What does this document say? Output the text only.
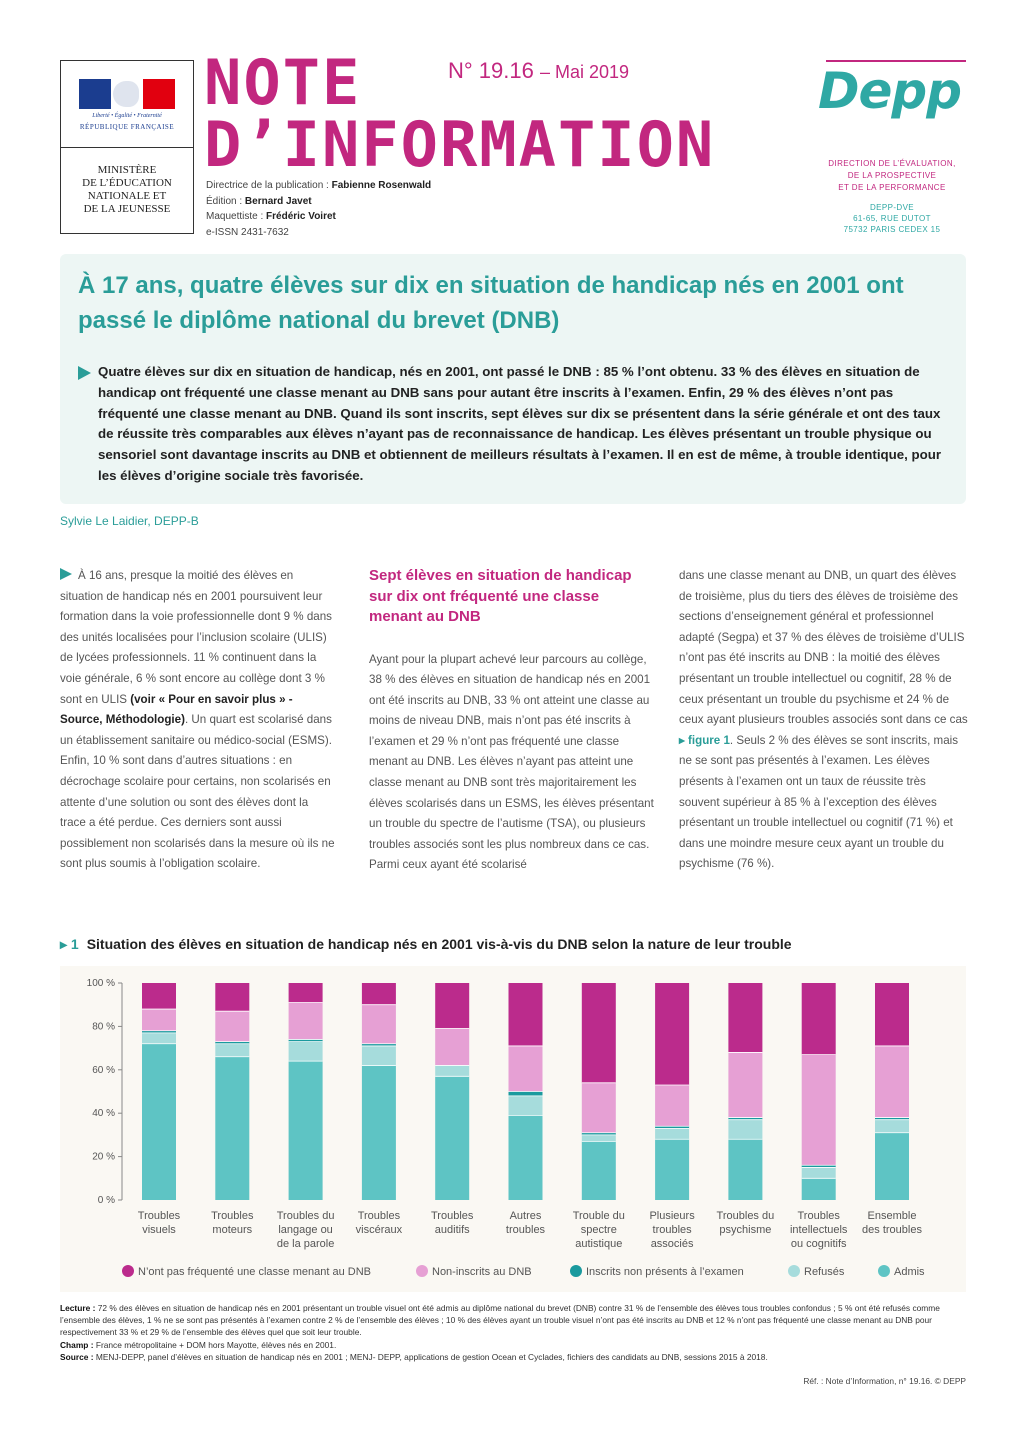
Liberté • Égalité • Fraternité
RÉPUBLIQUE FRANÇAISE
MINISTÈRE
DE L’ÉDUCATION
NATIONALE ET
DE LA JEUNESSE
NOTE
D’INFORMATION
N° 19.16 – Mai 2019
Directrice de la publication : Fabienne Rosenwald
Édition : Bernard Javet
Maquettiste : Frédéric Voiret
e-ISSN 2431-7632
Depp
DIRECTION DE L’ÉVALUATION,
DE LA PROSPECTIVE
ET DE LA PERFORMANCE
DEPP-DVE
61-65, RUE DUTOT
75732 PARIS CEDEX 15
À 17 ans, quatre élèves sur dix en situation de handicap nés en 2001 ont passé le diplôme national du brevet (DNB)
Quatre élèves sur dix en situation de handicap, nés en 2001, ont passé le DNB : 85 % l’ont obtenu. 33 % des élèves en situation de handicap ont fréquenté une classe menant au DNB sans pour autant être inscrits à l’examen. Enfin, 29 % des élèves n’ont pas fréquenté une classe menant au DNB. Quand ils sont inscrits, sept élèves sur dix se présentent dans la série générale et ont des taux de réussite très comparables aux élèves n’ayant pas de reconnaissance de handicap. Les élèves présentant un trouble physique ou sensoriel sont davantage inscrits au DNB et obtiennent de meilleurs résultats à l’examen. Il en est de même, à trouble identique, pour les élèves d’origine sociale très favorisée.
Sylvie Le Laidier, DEPP-B
À 16 ans, presque la moitié des élèves en situation de handicap nés en 2001 poursuivent leur formation dans la voie professionnelle dont 9 % dans des unités localisées pour l’inclusion scolaire (ULIS) de lycées professionnels. 11 % continuent dans la voie générale, 6 % sont encore au collège dont 3 % sont en ULIS (voir « Pour en savoir plus » - Source, Méthodologie). Un quart est scolarisé dans un établissement sanitaire ou médico-social (ESMS). Enfin, 10 % sont dans d’autres situations : en décrochage scolaire pour certains, non scolarisés en attente d’une solution ou sont des élèves dont la trace a été perdue. Ces derniers sont aussi possiblement non scolarisés dans la mesure où ils ne sont plus soumis à l’obligation scolaire.
Sept élèves en situation de handicap sur dix ont fréquenté une classe menant au DNB
Ayant pour la plupart achevé leur parcours au collège, 38 % des élèves en situation de handicap nés en 2001 ont été inscrits au DNB, 33 % ont atteint une classe au moins de niveau DNB, mais n’ont pas été inscrits à l’examen et 29 % n’ont pas fréquenté une classe menant au DNB. Les élèves n’ayant pas atteint une classe menant au DNB sont très majoritairement les élèves scolarisés dans un ESMS, les élèves présentant un trouble du spectre de l’autisme (TSA), ou plusieurs troubles associés sont les plus nombreux dans ce cas. Parmi ceux ayant été scolarisé
dans une classe menant au DNB, un quart des élèves de troisième, plus du tiers des élèves de troisième des sections d’enseignement général et professionnel adapté (Segpa) et 37 % des élèves de troisième d’ULIS n’ont pas été inscrits au DNB : la moitié des élèves présentant un trouble intellectuel ou cognitif, 28 % de ceux présentant un trouble du psychisme et 24 % de ceux ayant plusieurs troubles associés sont dans ce cas ▸ figure 1. Seuls 2 % des élèves se sont inscrits, mais ne se sont pas présentés à l’examen. Les élèves présents à l’examen ont un taux de réussite très souvent supérieur à 85 % à l’exception des élèves présentant un trouble intellectuel ou cognitif (71 %) et dans une moindre mesure ceux ayant un trouble du psychisme (76 %).
▸ 1 Situation des élèves en situation de handicap nés en 2001 vis-à-vis du DNB selon la nature de leur trouble
0 %
20 %
40 %
60 %
80 %
100 %
Troubles
visuels
Troubles
moteurs
Troubles du
langage ou
de la parole
Troubles
viscéraux
Troubles
auditifs
Autres
troubles
Trouble du
spectre
autistique
Plusieurs
troubles
associés
Troubles du
psychisme
Troubles
intellectuels
ou cognitifs
Ensemble
des troubles
N’ont pas fréquenté une classe menant au DNB	Non-inscrits au DNB	Inscrits non présents à l’examen	Refusés	Admis
Lecture : 72 % des élèves en situation de handicap nés en 2001 présentant un trouble visuel ont été admis au diplôme national du brevet (DNB) contre 31 % de l’ensemble des élèves tous troubles confondus ; 5 % ont été refusés comme l’ensemble des élèves, 1 % ne se sont pas présentés à l’examen contre 2 % de l’ensemble des élèves ; 10 % des élèves ayant un trouble visuel n’ont pas été inscrits au DNB et 12 % n’ont pas fréquenté une classe menant au DNB pour respectivement 33 % et 29 % de l’ensemble des élèves quel que soit leur trouble.
Champ : France métropolitaine + DOM hors Mayotte, élèves nés en 2001.
Source : MENJ-DEPP, panel d’élèves en situation de handicap nés en 2001 ; MENJ- DEPP, applications de gestion Ocean et Cyclades, fichiers des candidats au DNB, sessions 2015 à 2018.
Réf. : Note d’Information, n° 19.16. © DEPP
